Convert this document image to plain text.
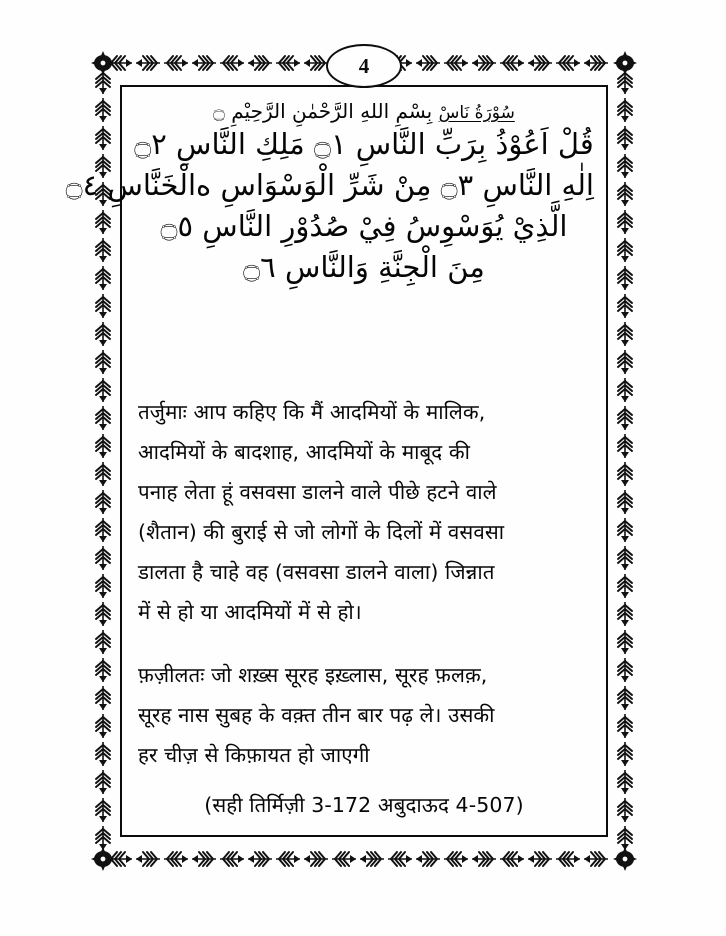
4
سُوْرَةُ نَاسْ بِسْمِ اللهِ الرَّحْمٰنِ الرَّحِيْمِ ۝
قُلْ اَعُوْذُ بِرَبِّ النَّاسِ ۝١ مَلِكِ النَّاسِ ۝٢
اِلٰهِ النَّاسِ ۝٣ مِنْ شَرِّ الْوَسْوَاسِ ەالْخَنَّاسِ ۝٤
الَّذِيْ يُوَسْوِسُ فِيْ صُدُوْرِ النَّاسِ ۝٥
مِنَ الْجِنَّةِ وَالنَّاسِ ۝٦
तर्जुमाः आप कहिए कि मैं आदमियों के मालिक,
आदमियों के बादशाह, आदमियों के माबूद की
पनाह लेता हूं वसवसा डालने वाले पीछे हटने वाले
(शैतान) की बुराई से जो लोगों के दिलों में वसवसा
डालता है चाहे वह (वसवसा डालने वाला) जिन्नात
में से हो या आदमियों में से हो।
फ़ज़ीलतः जो शख़्स सूरह इख़्लास, सूरह फ़लक़,
सूरह नास सुबह के वक़्त तीन बार पढ़ ले। उसकी
हर चीज़ से किफ़ायत हो जाएगी
(सही तिर्मिज़ी 3-172 अबुदाऊद 4-507)
